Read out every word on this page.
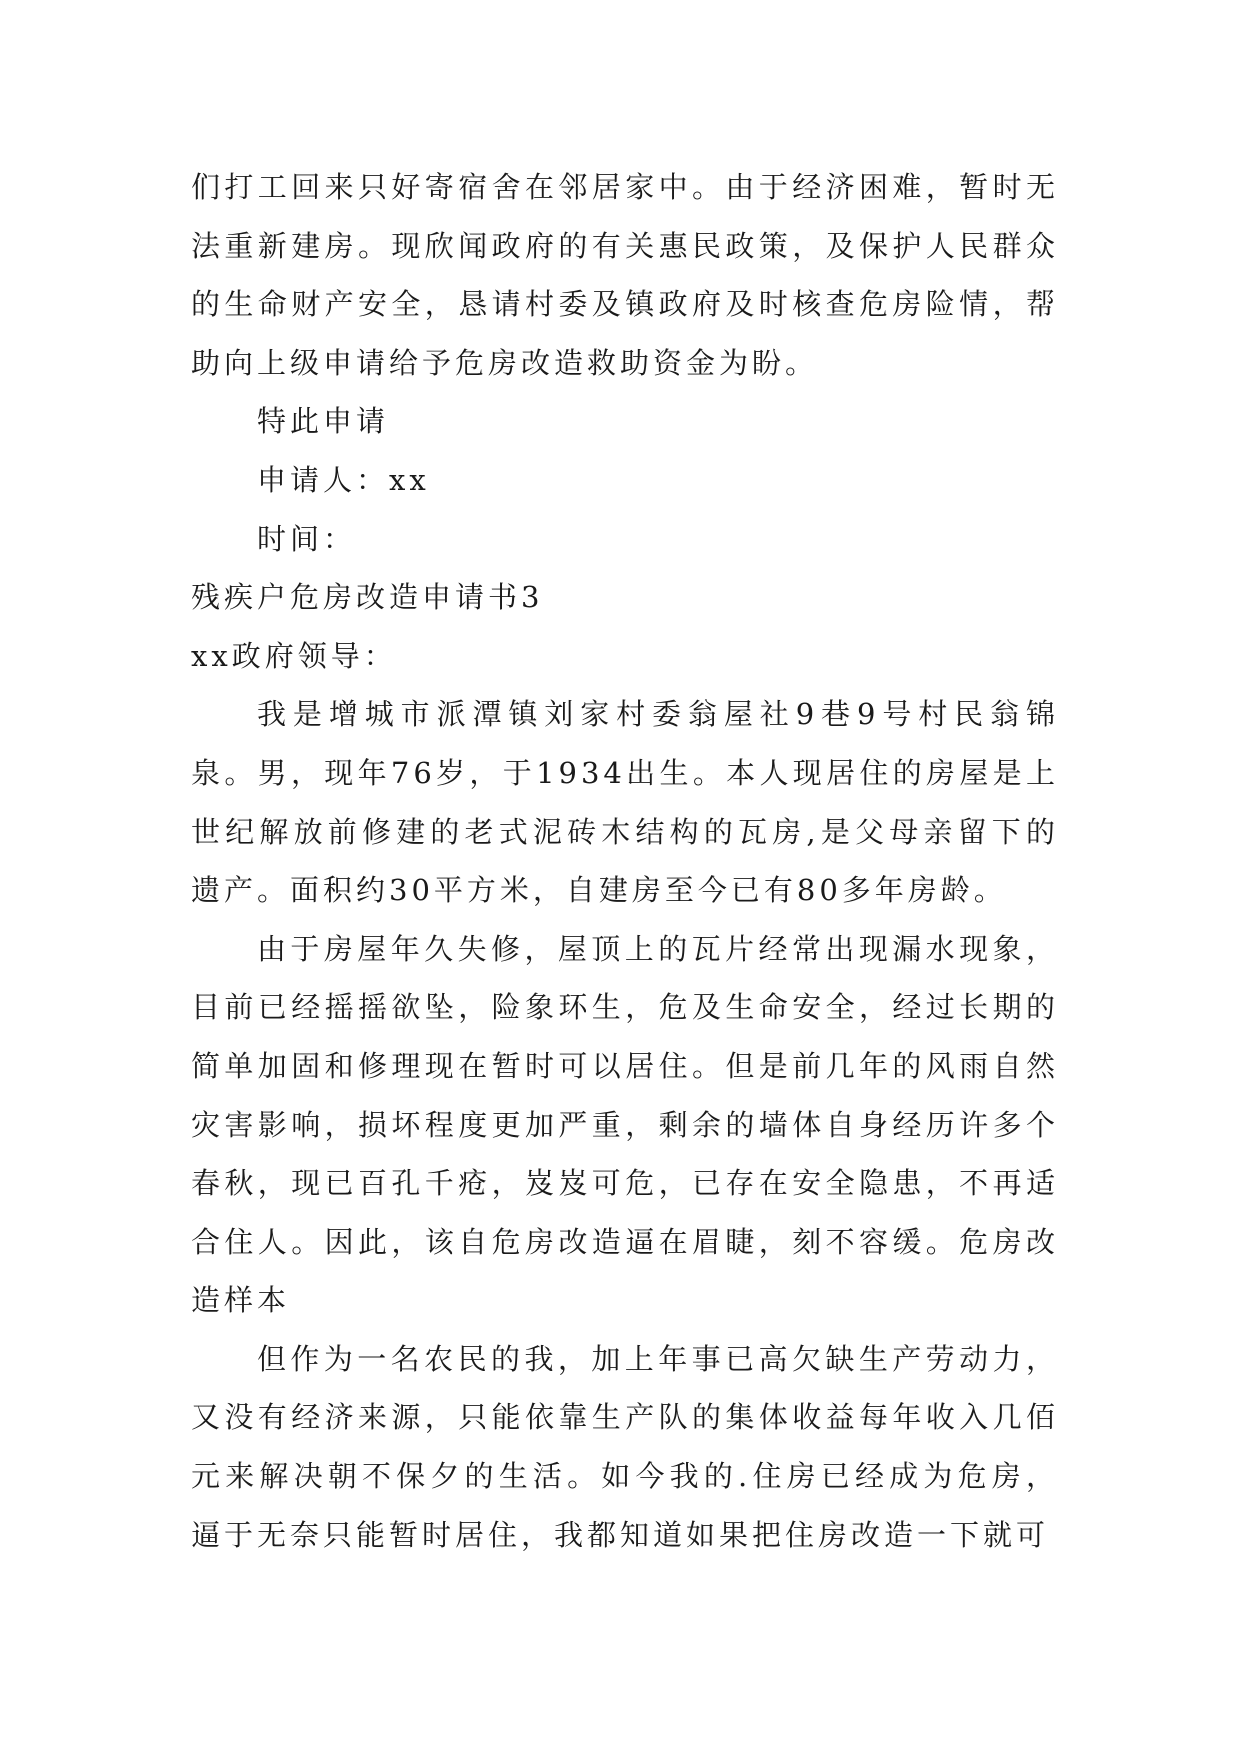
们打工回来只好寄宿舍在邻居家中。由于经济困难，暂时无法重新建房。现欣闻政府的有关惠民政策，及保护人民群众的生命财产安全，恳请村委及镇政府及时核查危房险情，帮助向上级申请给予危房改造救助资金为盼。

特此申请

申请人：xx

时间：

残疾户危房改造申请书3

xx政府领导：

我是增城市派潭镇刘家村委翁屋社9巷9号村民翁锦泉。男，现年76岁，于1934出生。本人现居住的房屋是上世纪解放前修建的老式泥砖木结构的瓦房,是父母亲留下的遗产。面积约30平方米，自建房至今已有80多年房龄。

由于房屋年久失修，屋顶上的瓦片经常出现漏水现象，目前已经摇摇欲坠，险象环生，危及生命安全，经过长期的简单加固和修理现在暂时可以居住。但是前几年的风雨自然灾害影响，损坏程度更加严重，剩余的墙体自身经历许多个春秋，现已百孔千疮，岌岌可危，已存在安全隐患，不再适合住人。因此，该自危房改造逼在眉睫，刻不容缓。危房改造样本

但作为一名农民的我，加上年事已高欠缺生产劳动力，又没有经济来源，只能依靠生产队的集体收益每年收入几佰元来解决朝不保夕的生活。如今我的.住房已经成为危房，逼于无奈只能暂时居住，我都知道如果把住房改造一下就可
